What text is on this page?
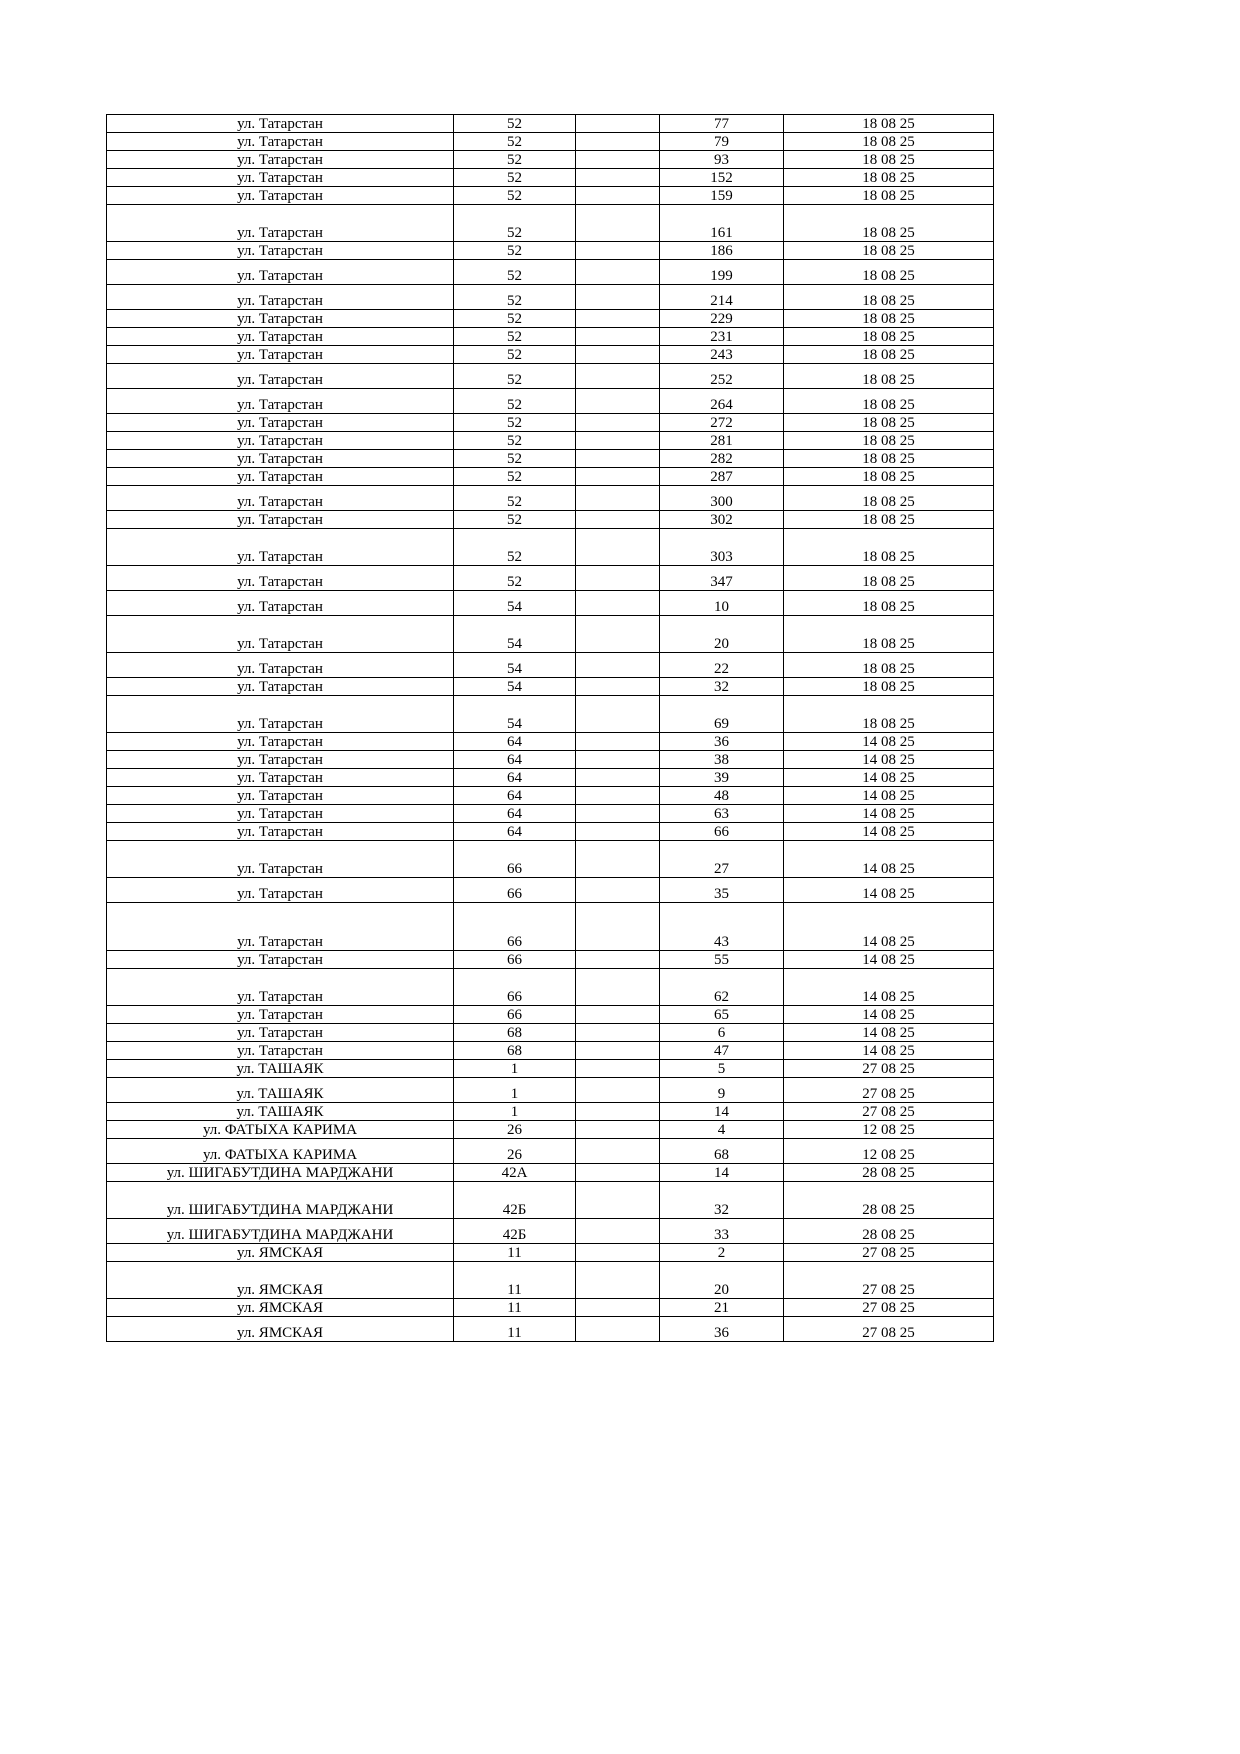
ул. Татарстан	52		77	18 08 25
ул. Татарстан	52		79	18 08 25
ул. Татарстан	52		93	18 08 25
ул. Татарстан	52		152	18 08 25
ул. Татарстан	52		159	18 08 25
ул. Татарстан	52		161	18 08 25
ул. Татарстан	52		186	18 08 25
ул. Татарстан	52		199	18 08 25
ул. Татарстан	52		214	18 08 25
ул. Татарстан	52		229	18 08 25
ул. Татарстан	52		231	18 08 25
ул. Татарстан	52		243	18 08 25
ул. Татарстан	52		252	18 08 25
ул. Татарстан	52		264	18 08 25
ул. Татарстан	52		272	18 08 25
ул. Татарстан	52		281	18 08 25
ул. Татарстан	52		282	18 08 25
ул. Татарстан	52		287	18 08 25
ул. Татарстан	52		300	18 08 25
ул. Татарстан	52		302	18 08 25
ул. Татарстан	52		303	18 08 25
ул. Татарстан	52		347	18 08 25
ул. Татарстан	54		10	18 08 25
ул. Татарстан	54		20	18 08 25
ул. Татарстан	54		22	18 08 25
ул. Татарстан	54		32	18 08 25
ул. Татарстан	54		69	18 08 25
ул. Татарстан	64		36	14 08 25
ул. Татарстан	64		38	14 08 25
ул. Татарстан	64		39	14 08 25
ул. Татарстан	64		48	14 08 25
ул. Татарстан	64		63	14 08 25
ул. Татарстан	64		66	14 08 25
ул. Татарстан	66		27	14 08 25
ул. Татарстан	66		35	14 08 25
ул. Татарстан	66		43	14 08 25
ул. Татарстан	66		55	14 08 25
ул. Татарстан	66		62	14 08 25
ул. Татарстан	66		65	14 08 25
ул. Татарстан	68		6	14 08 25
ул. Татарстан	68		47	14 08 25
ул. ТАШАЯК	1		5	27 08 25
ул. ТАШАЯК	1		9	27 08 25
ул. ТАШАЯК	1		14	27 08 25
ул. ФАТЫХА КАРИМА	26		4	12 08 25
ул. ФАТЫХА КАРИМА	26		68	12 08 25
ул. ШИГАБУТДИНА МАРДЖАНИ	42А		14	28 08 25
ул. ШИГАБУТДИНА МАРДЖАНИ	42Б		32	28 08 25
ул. ШИГАБУТДИНА МАРДЖАНИ	42Б		33	28 08 25
ул. ЯМСКАЯ	11		2	27 08 25
ул. ЯМСКАЯ	11		20	27 08 25
ул. ЯМСКАЯ	11		21	27 08 25
ул. ЯМСКАЯ	11		36	27 08 25
